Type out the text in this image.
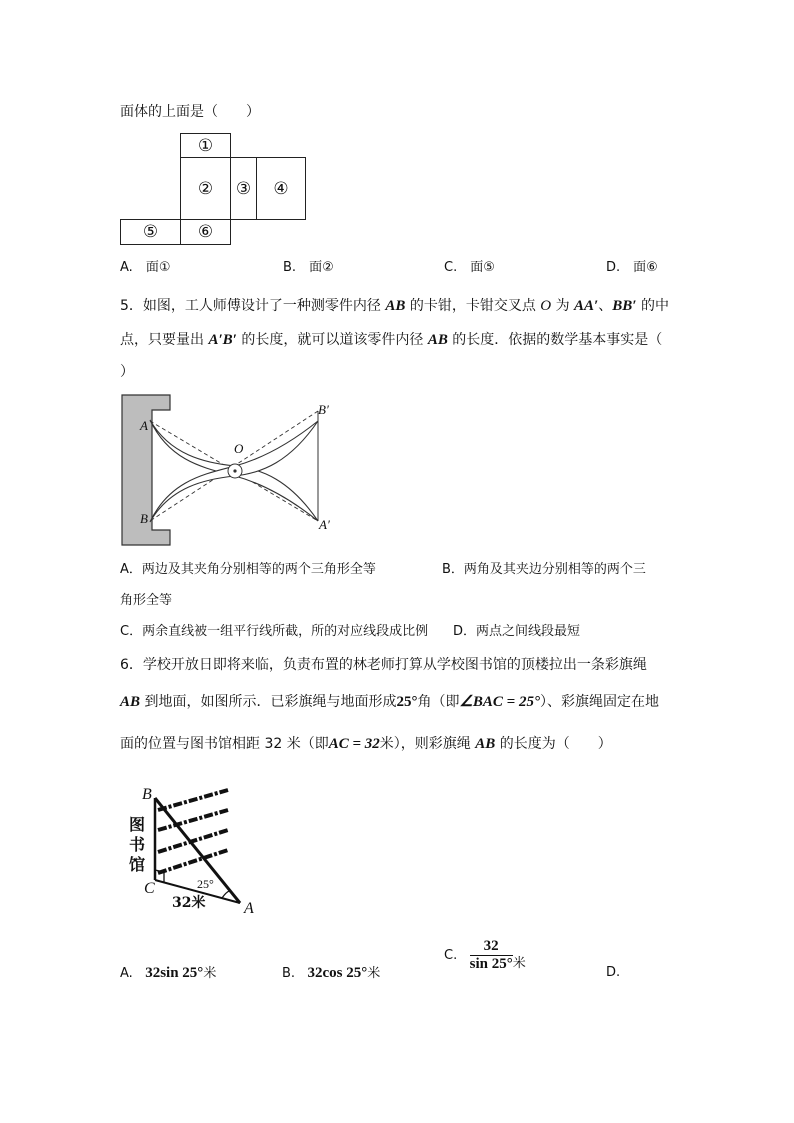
面体的上面是（　　）
①
②	③	④
⑤	⑥
A.　 面①	B.　 面②	C.　 面⑤	D.　 面⑥
5．如图，工人师傅设计了一种测零件内径 AB 的卡钳，卡钳交叉点 O 为 AA′、BB′ 的中
点，只要量出 A′B′ 的长度，就可以道该零件内径 AB 的长度．依据的数学基本事实是（
）
A
B
O
B′
A′
A．两边及其夹角分别相等的两个三角形全等	B．两角及其夹边分别相等的两个三
角形全等
C．两余直线被一组平行线所截，所的对应线段成比例 D．两点之间线段最短
6．学校开放日即将来临，负责布置的林老师打算从学校图书馆的顶楼拉出一条彩旗绳
AB 到地面，如图所示．已彩旗绳与地面形成25°角（即∠BAC = 25°）、彩旗绳固定在地
面的位置与图书馆相距 32 米（即AC = 32米），则彩旗绳 AB 的长度为（　　）
图
书
馆
B
C
A
25°
32米
A. 32sin 25°米	B. 32cos 25°米
C. $\frac{32}{\sin 25^\circ}$ 米
D.
